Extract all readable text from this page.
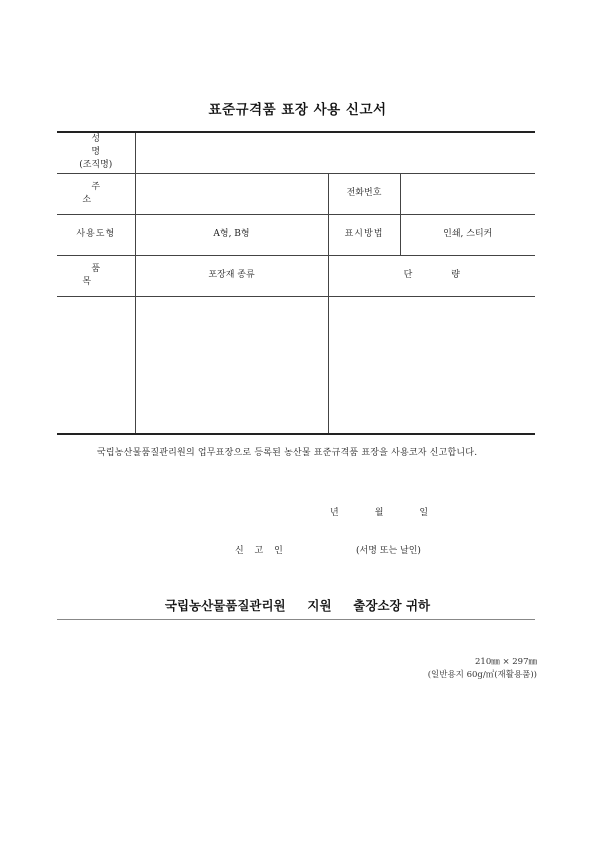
표준규격품 표장 사용 신고서
성 명
(조직명)			

주 소		전화번호	
사용도형	A형, B형	표시방법	인쇄, 스티커
품 목	포장재 종류	단 량	

국립농산물품질관리원의 업무표장으로 등록된 농산물 표준규격품 표장을 사용코자 신고합니다.
년	월	일
신 고 인	(서명 또는 날인)
국립농산물품질관리원     지원     출장소장 귀하
210㎜ × 297㎜
(일반용지 60g/㎡(재활용품))
